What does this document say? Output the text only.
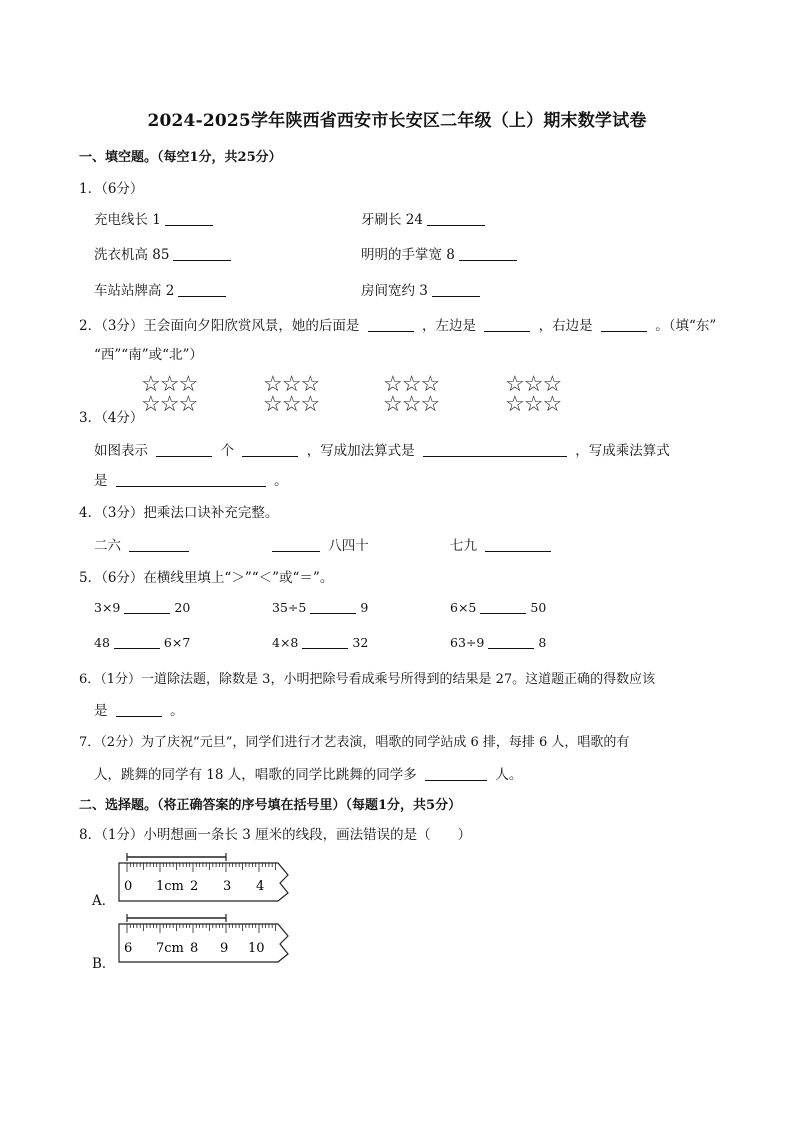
2024-2025学年陕西省西安市长安区二年级（上）期末数学试卷
一、填空题。（每空1分，共25分）
1．（6分）
充电线长 1	牙刷长 24
洗衣机高 85	明明的手掌宽 8
车站站牌高 2	房间宽约 3
2．（3分）王会面向夕阳欣赏风景，她的后面是	，左边是	，右边是	。（填“东”
“西”“南”或“北”）
3．（4分）
☆☆☆
☆☆☆
☆☆☆
☆☆☆
☆☆☆
☆☆☆
☆☆☆
☆☆☆
如图表示	个	，写成加法算式是	，写成乘法算式
是	。
4．（3分）把乘法口诀补充完整。
二六	八四十	七九
5．（6分）在横线里填上“＞”“＜”或“＝”。
3×9	20	35÷5	9	6×5	50
48	6×7	4×8	32	63÷9	8
6．（1分）一道除法题，除数是 3，小明把除号看成乘号所得到的结果是 27。这道题正确的得数应该
是	。
7．（2分）为了庆祝“元旦”，同学们进行才艺表演，唱歌的同学站成 6 排，每排 6 人，唱歌的有
人，跳舞的同学有 18 人，唱歌的同学比跳舞的同学多	人。
二、选择题。（将正确答案的序号填在括号里）（每题1分，共5分）
8．（1分）小明想画一条长 3 厘米的线段，画法错误的是（　　）
A．
0 1cm 2 3 4
B．
6 7cm 8 9 10
